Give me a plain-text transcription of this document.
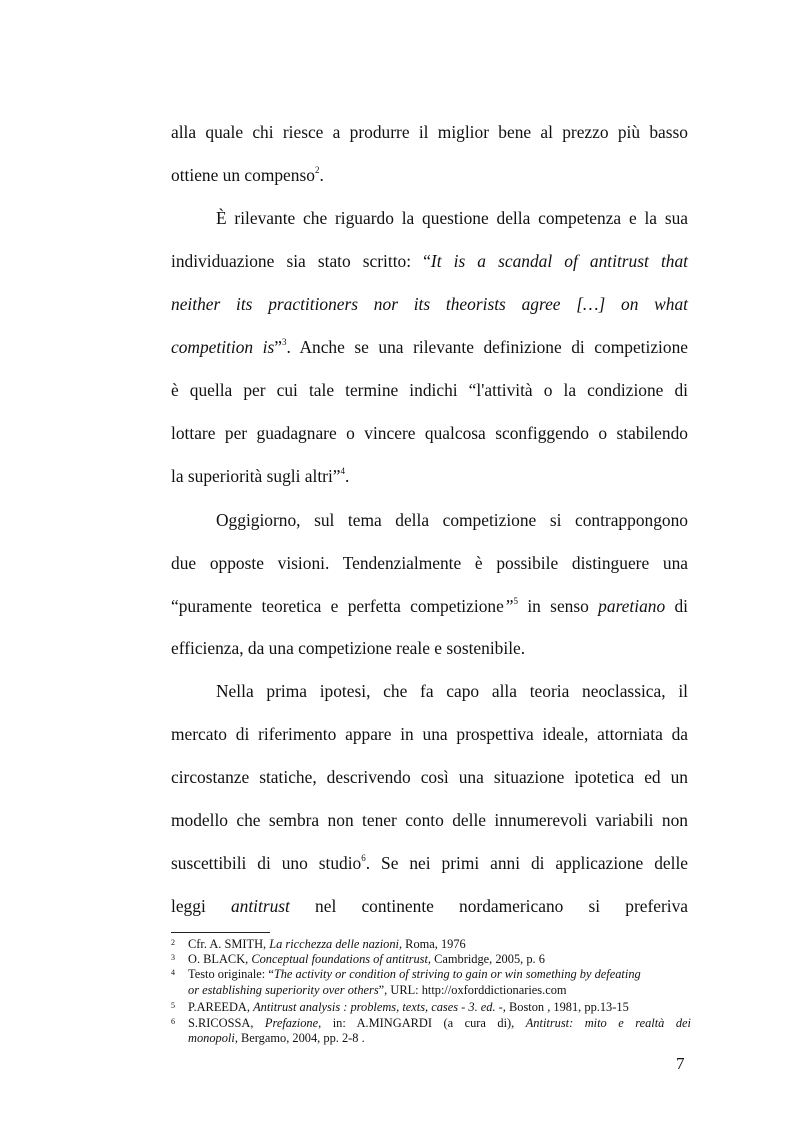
alla quale chi riesce a produrre il miglior bene al prezzo più basso
ottiene un compenso$^2$.
È rilevante che riguardo la questione della competenza e la sua
individuazione sia stato scritto: “It is a scandal of antitrust that
neither its practitioners nor its theorists agree […] on what
competition is”$^3$. Anche se una rilevante definizione di competizione
è quella per cui tale termine indichi “l'attività o la condizione di
lottare per guadagnare o vincere qualcosa sconfiggendo o stabilendo
la superiorità sugli altri”$^4$.
Oggigiorno, sul tema della competizione si contrappongono
due opposte visioni. Tendenzialmente è possibile distinguere una
“puramente teoretica e perfetta competizione”$^5$ in senso paretiano di
efficienza, da una competizione reale e sostenibile.
Nella prima ipotesi, che fa capo alla teoria neoclassica, il
mercato di riferimento appare in una prospettiva ideale, attorniata da
circostanze statiche, descrivendo così una situazione ipotetica ed un
modello che sembra non tener conto delle innumerevoli variabili non
suscettibili di uno studio$^6$. Se nei primi anni di applicazione delle
leggi antitrust nel continente nordamericano si preferiva
2 Cfr. A. SMITH, La ricchezza delle nazioni, Roma, 1976
3 O. BLACK, Conceptual foundations of antitrust, Cambridge, 2005, p. 6
4 Testo originale: “The activity or condition of striving to gain or win something by defeating
or establishing superiority over others”, URL: http://oxforddictionaries.com
5 P.AREEDA, Antitrust analysis : problems, texts, cases - 3. ed. -, Boston , 1981, pp.13-15
6 S.RICOSSA, Prefazione, in: A.MINGARDI (a cura di), Antitrust: mito e realtà dei
monopoli, Bergamo, 2004, pp. 2-8 .
7
